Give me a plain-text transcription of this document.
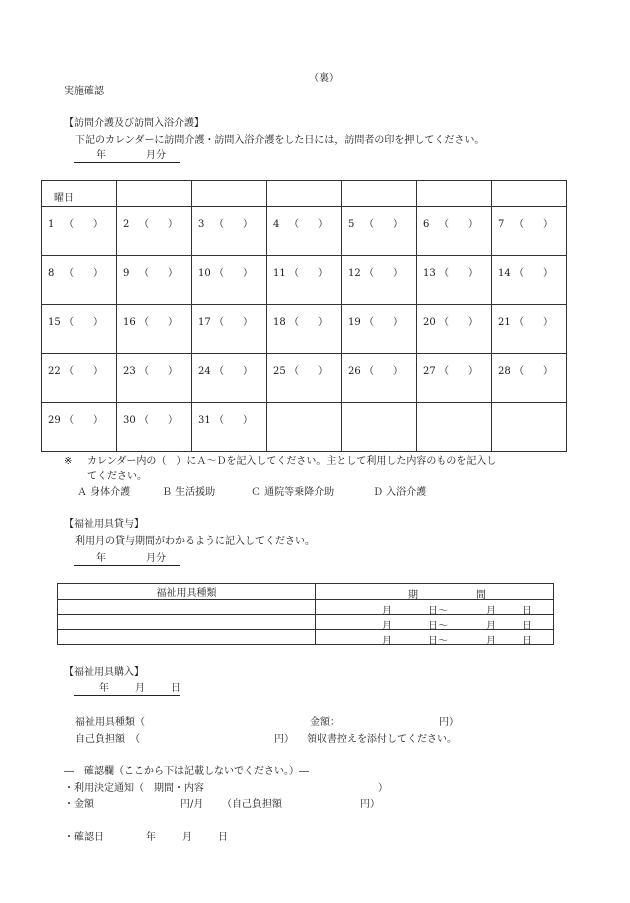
（裏）
実施確認
【訪問介護及び訪問入浴介護】
下記のカレンダーに訪問介護・訪問入浴介護をした日には，訪問者の印を押してください。
年	月分
曜日						

1 （ ）	2 （ ）	3 （ ）	4 （ ）	5 （ ）	6 （ ）	7 （ ）

8 （ ）	9 （ ）	10 （ ）	11 （ ）	12 （ ）	13 （ ）	14 （ ）

15 （ ）	16 （ ）	17 （ ）	18 （ ）	19 （ ）	20 （ ）	21 （ ）

22 （ ）	23 （ ）	24 （ ）	25 （ ）	26 （ ）	27 （ ）	28 （ ）

29 （ ）	30 （ ）	31 （ ）				

※ カレンダー内の（　）にＡ～Ｄを記入してください。主として利用した内容のものを記入し
てください。
Ａ 身体介護	Ｂ 生活援助	Ｃ 通院等乗降介助	Ｄ 入浴介護
【福祉用具貸与】
利用月の貸与期間がわかるように記入してください。
年	月分
福祉用具種類	期 間

	月 日～ 月 日

	月 日～ 月 日

	月 日～ 月 日
【福祉用具購入】
年	月	日
福祉用具種類（	金額：	円）
自己負担額　（	円） 領収書控えを添付してください。
―　確認欄（ここから下は記載しないでください。）―
・利用決定通知（　期間・内容	）
・金額	円/月 （自己負担額	円）
・確認日	年	月	日
